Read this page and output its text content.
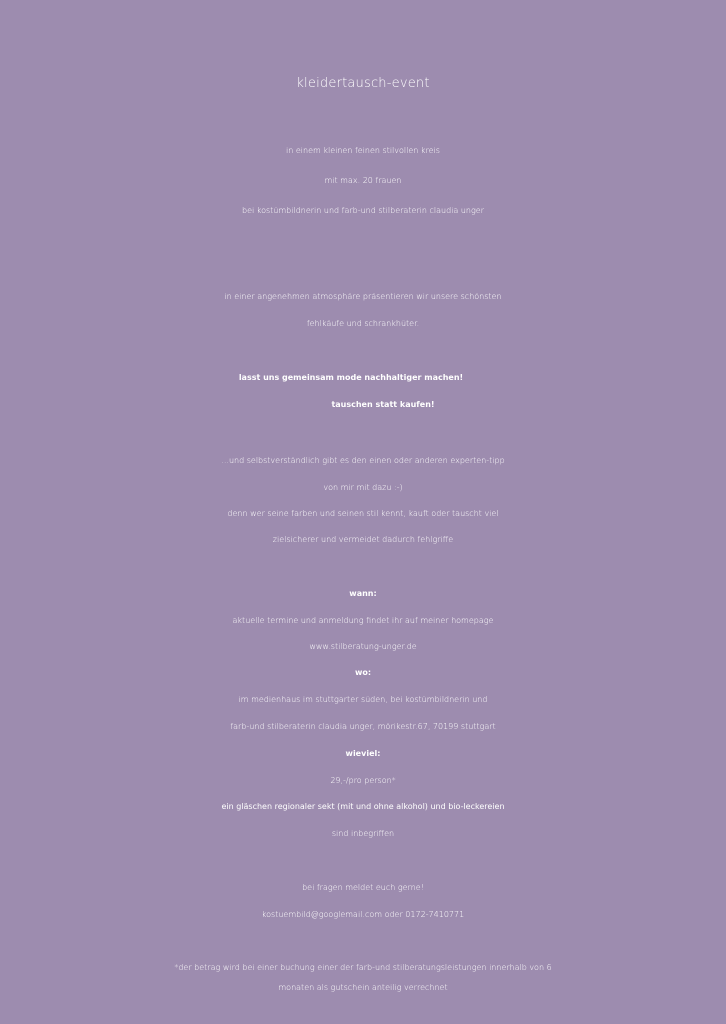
kleidertausch-event
in einem kleinen feinen stilvollen kreis
mit max. 20 frauen
bei kostümbildnerin und farb-und stilberaterin claudia unger
in einer angenehmen atmosphäre präsentieren wir unsere schönsten
fehlkäufe und schrankhüter.
lasst uns gemeinsam mode nachhaltiger machen!
tauschen statt kaufen!
...und selbstverständlich gibt es den einen oder anderen experten-tipp
von mir mit dazu :-)
denn wer seine farben und seinen stil kennt, kauft oder tauscht viel
zielsicherer und vermeidet dadurch fehlgriffe
wann:
aktuelle termine und anmeldung findet ihr auf meiner homepage
www.stilberatung-unger.de
wo:
im medienhaus im stuttgarter süden, bei kostümbildnerin und
farb-und stilberaterin claudia unger, mörikestr.67, 70199 stuttgart
wieviel:
29,-/pro person*
ein gläschen regionaler sekt (mit und ohne alkohol) und bio-leckereien
sind inbegriffen
bei fragen meldet euch gerne!
kostuembild@googlemail.com oder 0172-7410771
*der betrag wird bei einer buchung einer der farb-und stilberatungsleistungen innerhalb von 6
monaten als gutschein anteilig verrechnet
